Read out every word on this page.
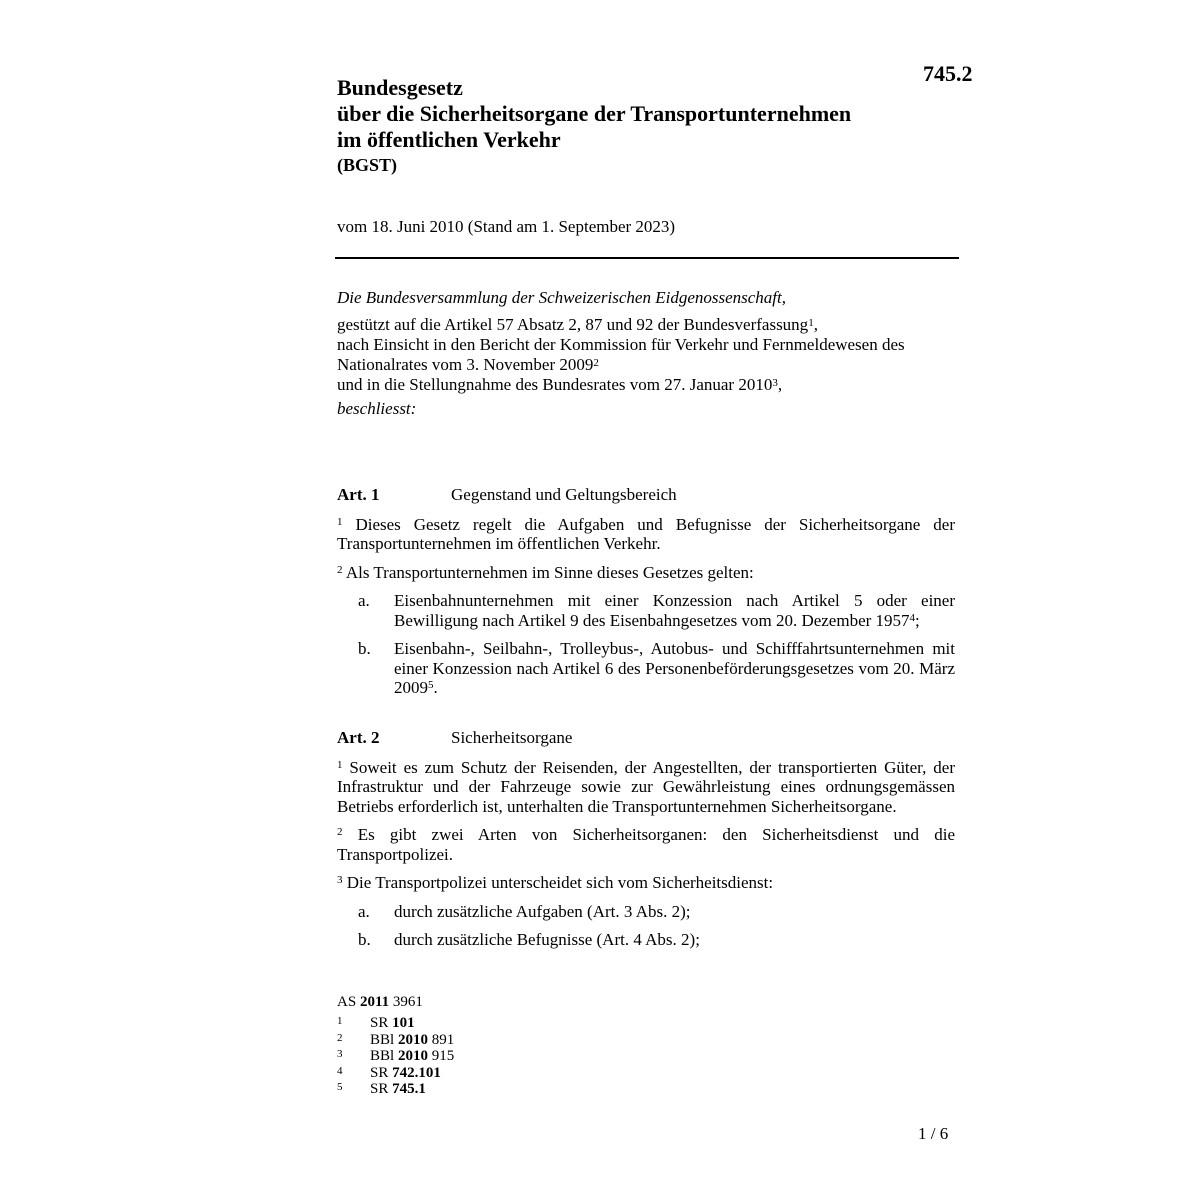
745.2
Bundesgesetz
über die Sicherheitsorgane der Transportunternehmen
im öffentlichen Verkehr
(BGST)
vom 18. Juni 2010 (Stand am 1. September 2023)
Die Bundesversammlung der Schweizerischen Eidgenossenschaft,
gestützt auf die Artikel 57 Absatz 2, 87 und 92 der Bundesverfassung$^1$,
nach Einsicht in den Bericht der Kommission für Verkehr und Fernmeldewesen des Nationalrates vom 3. November 2009$^2$
und in die Stellungnahme des Bundesrates vom 27. Januar 2010$^3$,
beschliesst:
Art. 1	Gegenstand und Geltungsbereich
$^1$ Dieses Gesetz regelt die Aufgaben und Befugnisse der Sicherheitsorgane der Transportunternehmen im öffentlichen Verkehr.
$^2$ Als Transportunternehmen im Sinne dieses Gesetzes gelten:
a.	Eisenbahnunternehmen mit einer Konzession nach Artikel 5 oder einer Bewilligung nach Artikel 9 des Eisenbahngesetzes vom 20. Dezember 1957$^4$;
b.	Eisenbahn-, Seilbahn-, Trolleybus-, Autobus- und Schifffahrtsunternehmen mit einer Konzession nach Artikel 6 des Personenbeförderungsgesetzes vom 20. März 2009$^5$.
Art. 2	Sicherheitsorgane
$^1$ Soweit es zum Schutz der Reisenden, der Angestellten, der transportierten Güter, der Infrastruktur und der Fahrzeuge sowie zur Gewährleistung eines ordnungsgemässen Betriebs erforderlich ist, unterhalten die Transportunternehmen Sicherheitsorgane.
$^2$ Es gibt zwei Arten von Sicherheitsorganen: den Sicherheitsdienst und die Transportpolizei.
$^3$ Die Transportpolizei unterscheidet sich vom Sicherheitsdienst:
a.	durch zusätzliche Aufgaben (Art. 3 Abs. 2);
b.	durch zusätzliche Befugnisse (Art. 4 Abs. 2);
AS 2011 3961
1	SR 101
2	BBl 2010 891
3	BBl 2010 915
4	SR 742.101
5	SR 745.1
1 / 6
